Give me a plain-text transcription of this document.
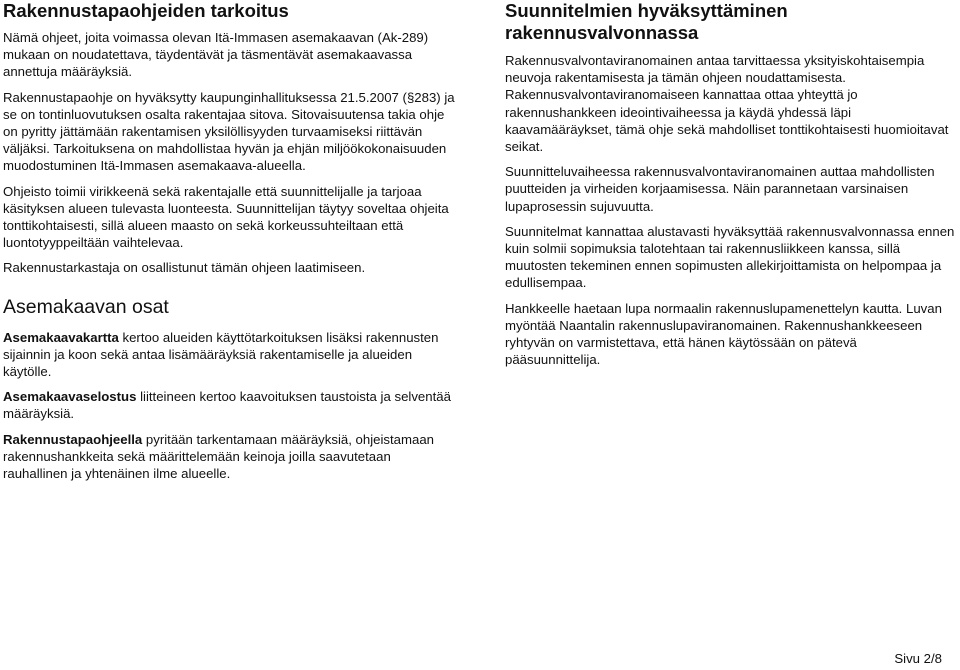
Rakennustapaohjeiden tarkoitus

Nämä ohjeet, joita voimassa olevan Itä-Immasen asemakaavan (Ak-289) mukaan on noudatettava, täydentävät ja täsmentävät asemakaavassa annettuja määräyksiä.

Rakennustapaohje on hyväksytty kaupunginhallituksessa 21.5.2007 (§283) ja se on tontinluovutuksen osalta rakentajaa sitova. Sitovaisuutensa takia ohje on pyritty jättämään rakentamisen yksilöllisyyden turvaamiseksi riittävän väljäksi. Tarkoituksena on mahdollistaa hyvän ja ehjän miljöökokonaisuuden muodostuminen Itä-Immasen asemakaava-alueella.

Ohjeisto toimii virikkeenä sekä rakentajalle että suunnittelijalle ja tarjoaa käsityksen alueen tulevasta luonteesta. Suunnittelijan täytyy soveltaa ohjeita tonttikohtaisesti, sillä alueen maasto on sekä korkeussuhteiltaan että luontotyyppeiltään vaihtelevaa.

Rakennustarkastaja on osallistunut tämän ohjeen laatimiseen.

Asemakaavan osat

Asemakaavakartta kertoo alueiden käyttötarkoituksen lisäksi rakennusten sijainnin ja koon sekä antaa lisämääräyksiä rakentamiselle ja alueiden käytölle.

Asemakaavaselostus liitteineen kertoo kaavoituksen taustoista ja selventää määräyksiä.

Rakennustapaohjeella pyritään tarkentamaan määräyksiä, ohjeistamaan rakennushankkeita sekä määrittelemään keinoja joilla saavutetaan rauhallinen ja yhtenäinen ilme alueelle.

Suunnitelmien hyväksyttäminen rakennusvalvonnassa

Rakennusvalvontaviranomainen antaa tarvittaessa yksityiskohtaisempia neuvoja rakentamisesta ja tämän ohjeen noudattamisesta. Rakennusvalvontaviranomaiseen kannattaa ottaa yhteyttä jo rakennushankkeen ideointivaiheessa ja käydä yhdessä läpi kaavamääräykset, tämä ohje sekä mahdolliset tonttikohtaisesti huomioitavat seikat.

Suunnitteluvaiheessa rakennusvalvontaviranomainen auttaa mahdollisten puutteiden ja virheiden korjaamisessa. Näin parannetaan varsinaisen lupaprosessin sujuvuutta.

Suunnitelmat kannattaa alustavasti hyväksyttää rakennusvalvonnassa ennen kuin solmii sopimuksia talotehtaan tai rakennusliikkeen kanssa, sillä muutosten tekeminen ennen sopimusten allekirjoittamista on helpompaa ja edullisempaa.

Hankkeelle haetaan lupa normaalin rakennuslupamenettelyn kautta. Luvan myöntää Naantalin rakennuslupaviranomainen. Rakennushankkeeseen ryhtyvän on varmistettava, että hänen käytössään on pätevä pääsuunnittelija.

Sivu 2/8
